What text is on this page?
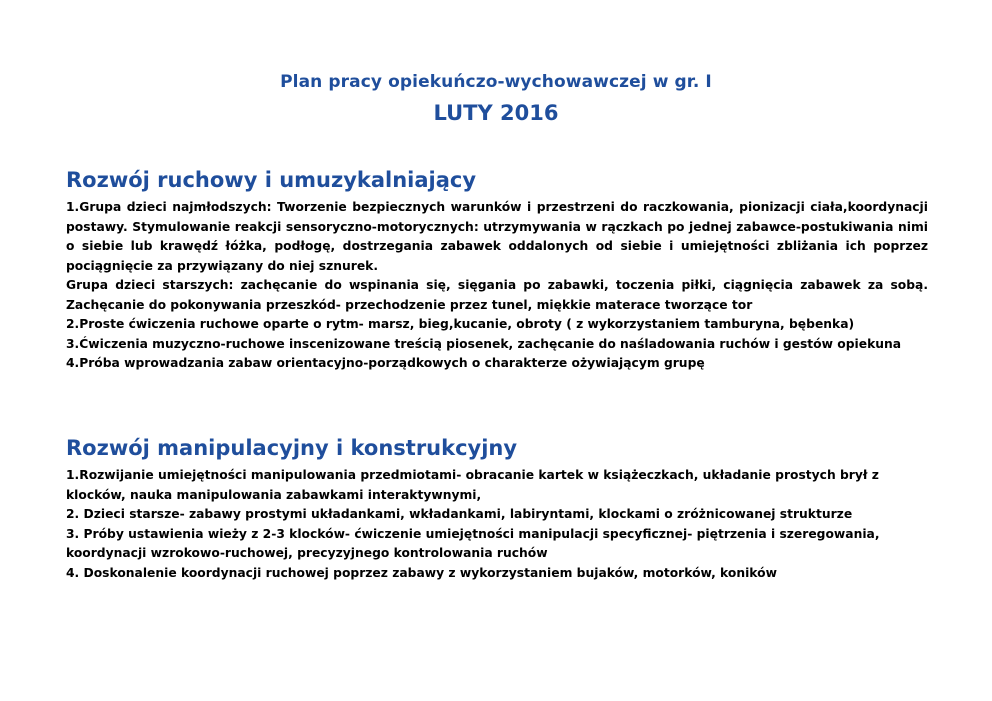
Plan pracy opiekuńczo-wychowawczej w gr. I
LUTY 2016
Rozwój ruchowy i umuzykalniający

1.Grupa dzieci najmłodszych: Tworzenie bezpiecznych warunków i przestrzeni do raczkowania, pionizacji ciała,koordynacji postawy. Stymulowanie reakcji sensoryczno-motorycznych: utrzymywania w rączkach po jednej zabawce-postukiwania nimi o siebie lub krawędź łóżka, podłogę, dostrzegania zabawek oddalonych od siebie i umiejętności zbliżania ich poprzez pociągnięcie za przywiązany do niej sznurek.

Grupa dzieci starszych: zachęcanie do wspinania się, sięgania po zabawki, toczenia piłki, ciągnięcia zabawek za sobą. Zachęcanie do pokonywania przeszkód- przechodzenie przez tunel, miękkie materace tworzące tor

2.Proste ćwiczenia ruchowe oparte o rytm- marsz, bieg,kucanie, obroty ( z wykorzystaniem tamburyna, bębenka)

3.Ćwiczenia muzyczno-ruchowe inscenizowane treścią piosenek, zachęcanie do naśladowania ruchów i gestów opiekuna

4.Próba wprowadzania zabaw orientacyjno-porządkowych o charakterze ożywiającym grupę

Rozwój manipulacyjny i konstrukcyjny

1.Rozwijanie umiejętności manipulowania przedmiotami- obracanie kartek w książeczkach, układanie prostych brył z klocków, nauka manipulowania zabawkami interaktywnymi,

2. Dzieci starsze- zabawy prostymi układankami, wkładankami, labiryntami, klockami o zróżnicowanej strukturze

3. Próby ustawienia wieży z 2-3 klocków- ćwiczenie umiejętności manipulacji specyficznej- piętrzenia i szeregowania, koordynacji wzrokowo-ruchowej, precyzyjnego kontrolowania ruchów

4. Doskonalenie koordynacji ruchowej poprzez zabawy z wykorzystaniem bujaków, motorków, koników
